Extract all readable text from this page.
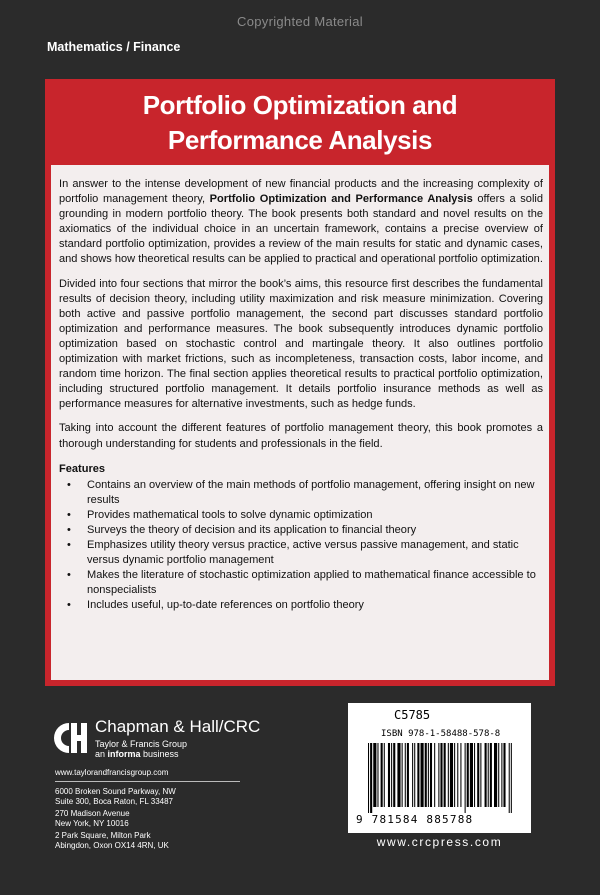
Copyrighted Material
Mathematics / Finance
Portfolio Optimization and
Performance Analysis

In answer to the intense development of new financial products and the increasing complexity of portfolio management theory, Portfolio Optimization and Performance Analysis offers a solid grounding in modern portfolio theory. The book presents both standard and novel results on the axiomatics of the individual choice in an uncertain framework, contains a precise overview of standard portfolio optimization, provides a review of the main results for static and dynamic cases, and shows how theoretical results can be applied to practical and operational portfolio optimization.

Divided into four sections that mirror the book’s aims, this resource first describes the fundamental results of decision theory, including utility maximization and risk measure minimization. Covering both active and passive portfolio management, the second part discusses standard portfolio optimization and performance measures. The book subsequently introduces dynamic portfolio optimization based on stochastic control and martingale theory. It also outlines portfolio optimization with market frictions, such as incompleteness, transaction costs, labor income, and random time horizon. The final section applies theoretical results to practical portfolio optimization, including structured portfolio management. It details portfolio insurance methods as well as performance measures for alternative investments, such as hedge funds.

Taking into account the different features of portfolio management theory, this book promotes a thorough understanding for students and professionals in the field.

Features
• Contains an overview of the main methods of portfolio management, offering insight on new results
• Provides mathematical tools to solve dynamic optimization
• Surveys the theory of decision and its application to financial theory
• Emphasizes utility theory versus practice, active versus passive management, and static versus dynamic portfolio management
• Makes the literature of stochastic optimization applied to mathematical finance accessible to nonspecialists
• Includes useful, up-to-date references on portfolio theory
Chapman & Hall/CRC
Taylor & Francis Group
an informa business
www.taylorandfrancisgroup.com
6000 Broken Sound Parkway, NW
Suite 300, Boca Raton, FL 33487
270 Madison Avenue
New York, NY 10016
2 Park Square, Milton Park
Abingdon, Oxon OX14 4RN, UK
C5785
ISBN 978-1-58488-578-8
9 781584 885788
www.crcpress.com
